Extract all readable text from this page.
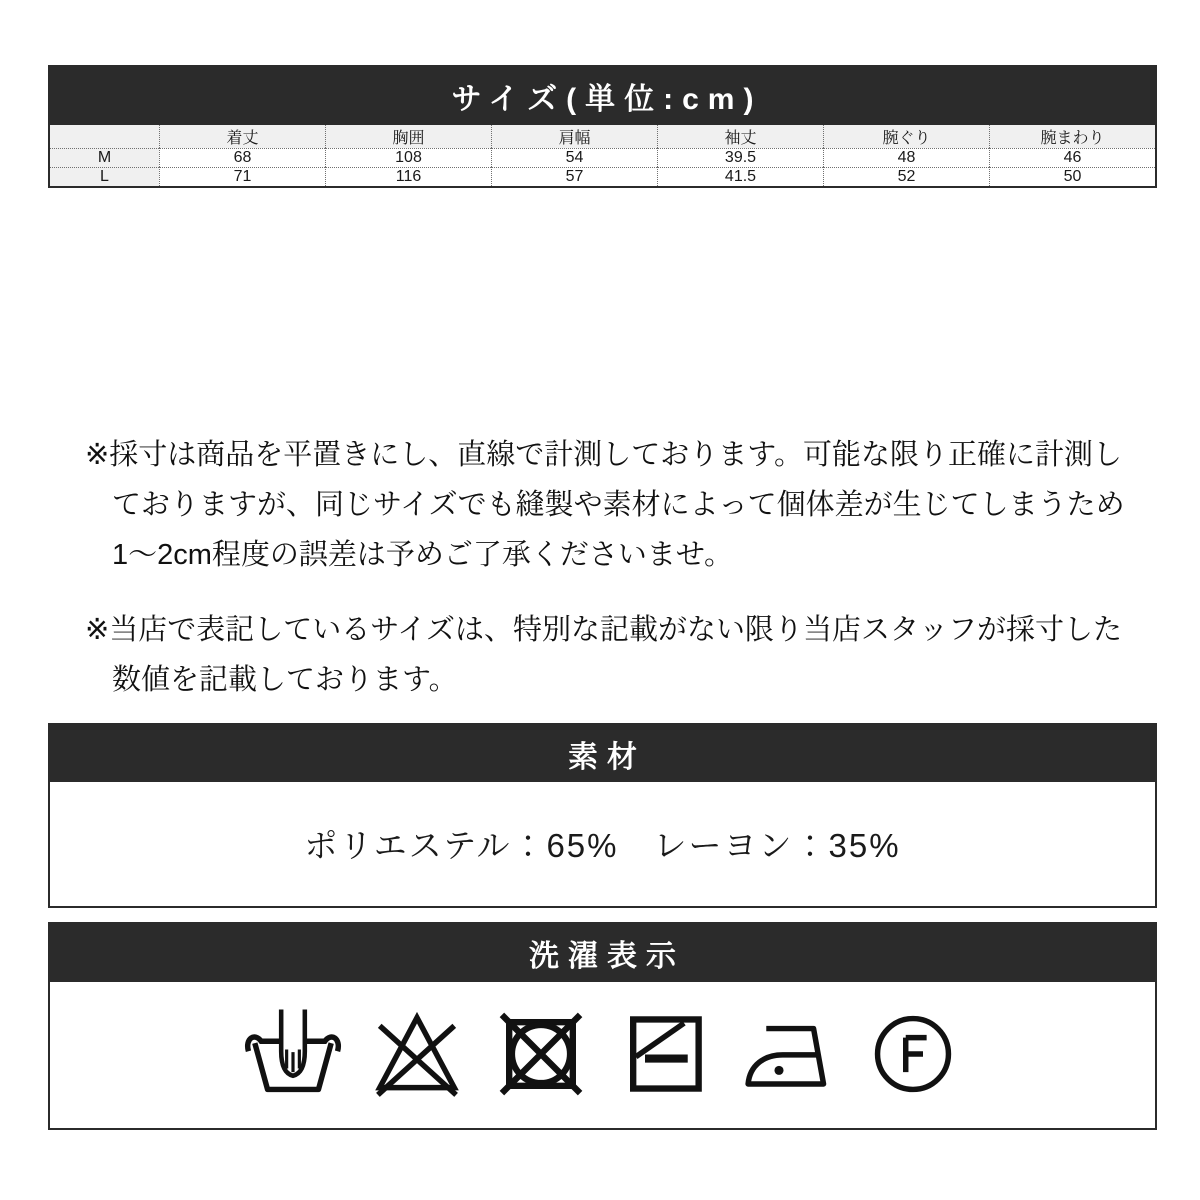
サイズ(単位:cm)
着丈	胸囲	肩幅	袖丈	腕ぐり	腕まわり
M	68	108	54	39.5	48	46
L	71	116	57	41.5	52	50
※採寸は商品を平置きにし、直線で計測しております。可能な限り正確に計測し
ておりますが、同じサイズでも縫製や素材によって個体差が生じてしまうため
1〜2cm程度の誤差は予めご了承くださいませ。
※当店で表記しているサイズは、特別な記載がない限り当店スタッフが採寸した
数値を記載しております。
素材
ポリエステル：65%　レーヨン：35%
洗濯表示
